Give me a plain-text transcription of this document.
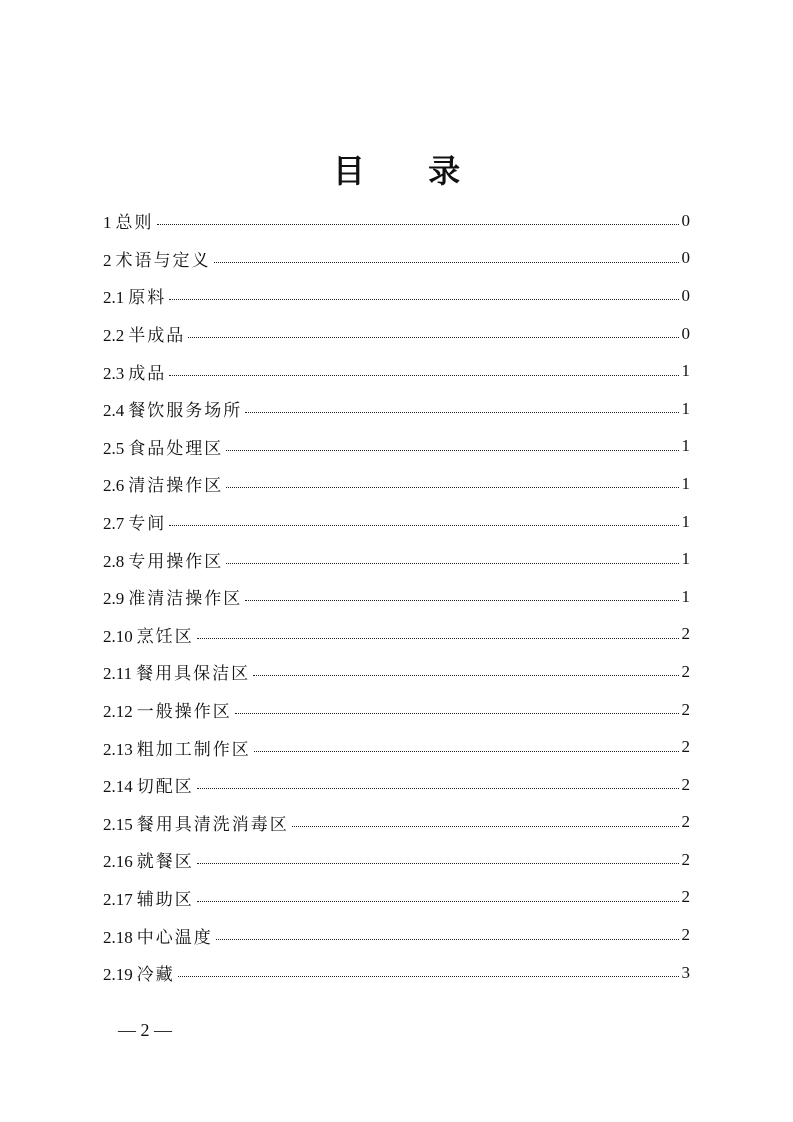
目 录
1 总则	0
2 术语与定义	0
2.1 原料	0
2.2 半成品	0
2.3 成品	1
2.4 餐饮服务场所	1
2.5 食品处理区	1
2.6 清洁操作区	1
2.7 专间	1
2.8 专用操作区	1
2.9 准清洁操作区	1
2.10 烹饪区	2
2.11 餐用具保洁区	2
2.12 一般操作区	2
2.13 粗加工制作区	2
2.14 切配区	2
2.15 餐用具清洗消毒区	2
2.16 就餐区	2
2.17 辅助区	2
2.18 中心温度	2
2.19 冷藏	3
— 2 —
